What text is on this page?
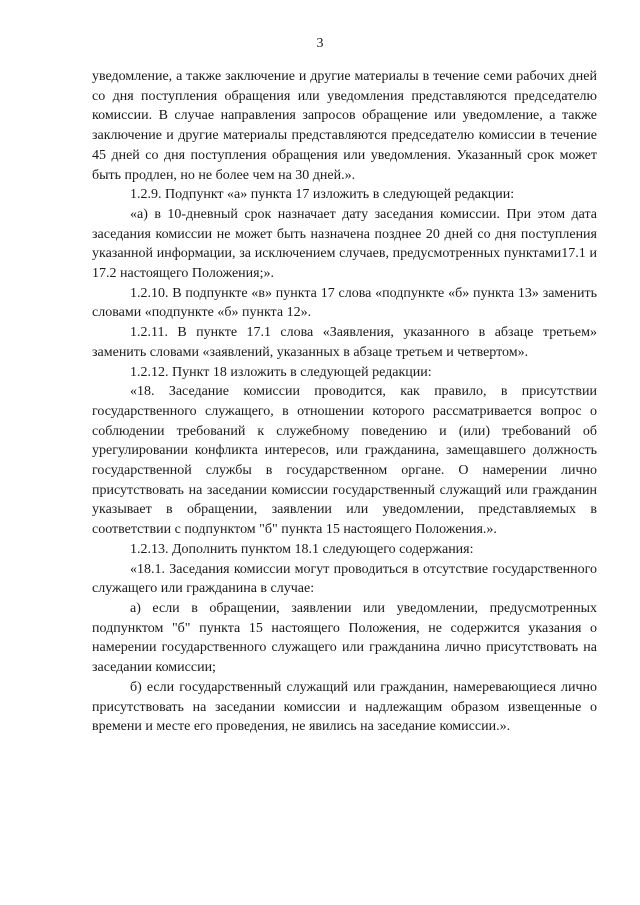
3

уведомление, а также заключение и другие материалы в течение семи рабочих дней со дня поступления обращения или уведомления представляются председателю комиссии. В случае направления запросов обращение или уведомление, а также заключение и другие материалы представляются председателю комиссии в течение 45 дней со дня поступления обращения или уведомления. Указанный срок может быть продлен, но не более чем на 30 дней.».

1.2.9. Подпункт «а» пункта 17 изложить в следующей редакции:

«а) в 10-дневный срок назначает дату заседания комиссии. При этом дата заседания комиссии не может быть назначена позднее 20 дней со дня поступления указанной информации, за исключением случаев, предусмотренных пунктами17.1 и 17.2 настоящего Положения;».

1.2.10. В подпункте «в» пункта 17 слова «подпункте «б» пункта 13» заменить словами «подпункте «б» пункта 12».

1.2.11. В пункте 17.1 слова «Заявления, указанного в абзаце третьем» заменить словами «заявлений, указанных в абзаце третьем и четвертом».

1.2.12. Пункт 18 изложить в следующей редакции:

«18. Заседание комиссии проводится, как правило, в присутствии государственного служащего, в отношении которого рассматривается вопрос о соблюдении требований к служебному поведению и (или) требований об урегулировании конфликта интересов, или гражданина, замещавшего должность государственной службы в государственном органе. О намерении лично присутствовать на заседании комиссии государственный служащий или гражданин указывает в обращении, заявлении или уведомлении, представляемых в соответствии с подпунктом "б" пункта 15 настоящего Положения.».

1.2.13. Дополнить пунктом 18.1 следующего содержания:

«18.1. Заседания комиссии могут проводиться в отсутствие государственного служащего или гражданина в случае:

а) если в обращении, заявлении или уведомлении, предусмотренных подпунктом "б" пункта 15 настоящего Положения, не содержится указания о намерении государственного служащего или гражданина лично присутствовать на заседании комиссии;

б) если государственный служащий или гражданин, намеревающиеся лично присутствовать на заседании комиссии и надлежащим образом извещенные о времени и месте его проведения, не явились на заседание комиссии.».
